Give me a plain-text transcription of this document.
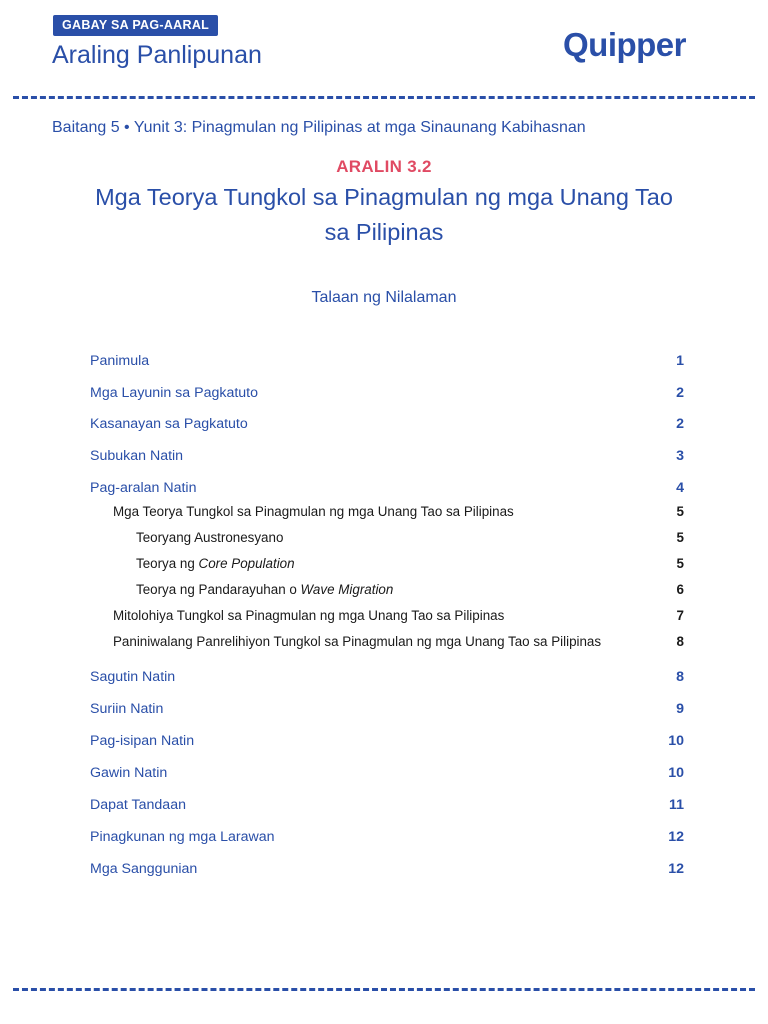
GABAY SA PAG-AARAL
Araling Panlipunan	Quipper
Baitang 5 • Yunit 3: Pinagmulan ng Pilipinas at mga Sinaunang Kabihasnan
ARALIN 3.2
Mga Teorya Tungkol sa Pinagmulan ng mga Unang Tao sa Pilipinas
Talaan ng Nilalaman
Panimula	1
Mga Layunin sa Pagkatuto	2
Kasanayan sa Pagkatuto	2
Subukan Natin	3
Pag-aralan Natin	4
Mga Teorya Tungkol sa Pinagmulan ng mga Unang Tao sa Pilipinas	5
Teoryang Austronesyano	5
Teorya ng Core Population	5
Teorya ng Pandarayuhan o Wave Migration	6
Mitolohiya Tungkol sa Pinagmulan ng mga Unang Tao sa Pilipinas	7
Paniniwalang Panrelihiyon Tungkol sa Pinagmulan ng mga Unang Tao sa Pilipinas	8
Sagutin Natin	8
Suriin Natin	9
Pag-isipan Natin	10
Gawin Natin	10
Dapat Tandaan	11
Pinagkunan ng mga Larawan	12
Mga Sanggunian	12
